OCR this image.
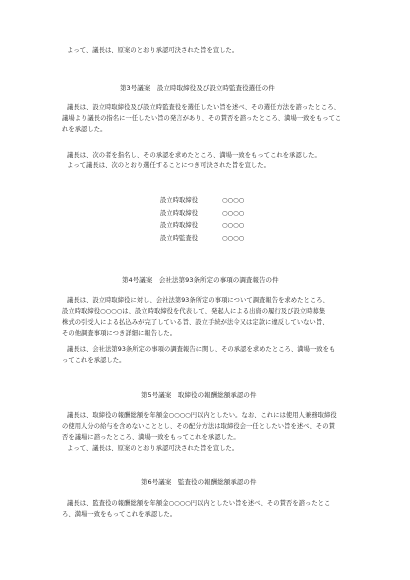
よって、議長は、原案のとおり承認可決された旨を宣した。
第3号議案　設立時取締役及び設立時監査役選任の件
議長は、設立時取締役及び設立時監査役を選任したい旨を述べ、その選任方法を諮ったところ、
議場より議長の指名に一任したい旨の発言があり、その賛否を諮ったところ、満場一致をもってこ
れを承認した。
議長は、次の者を指名し、その承認を求めたところ、満場一致をもってこれを承認した。
よって議長は、次のとおり選任することにつき可決された旨を宣した。
設立時取締役	○○○○
設立時取締役	○○○○
設立時取締役	○○○○
設立時監査役	○○○○
第4号議案　会社法第93条所定の事項の調査報告の件
議長は、設立時取締役に対し、会社法第93条所定の事項について調査報告を求めたところ、
設立時取締役○○○○は、設立時取締役を代表して、発起人による出資の履行及び設立時募集
株式の引受人による払込みが完了している旨、設立手続が法令又は定款に違反していない旨、
その他調査事項につき詳細に報告した。
議長は、会社法第93条所定の事項の調査報告に関し、その承認を求めたところ、満場一致をも
ってこれを承認した。
第5号議案　取締役の報酬総額承認の件
議長は、取締役の報酬総額を年額金○○○○円以内としたい。なお、これには使用人兼務取締役
の使用人分の給与を含めないこととし、その配分方法は取締役会一任としたい旨を述べ、その賛
否を議場に諮ったところ、満場一致をもってこれを承認した。
よって、議長は、原案のとおり承認可決された旨を宣した。
第6号議案　監査役の報酬総額承認の件
議長は、監査役の報酬総額を年額金○○○○円以内としたい旨を述べ、その賛否を諮ったとこ
ろ、満場一致をもってこれを承認した。
